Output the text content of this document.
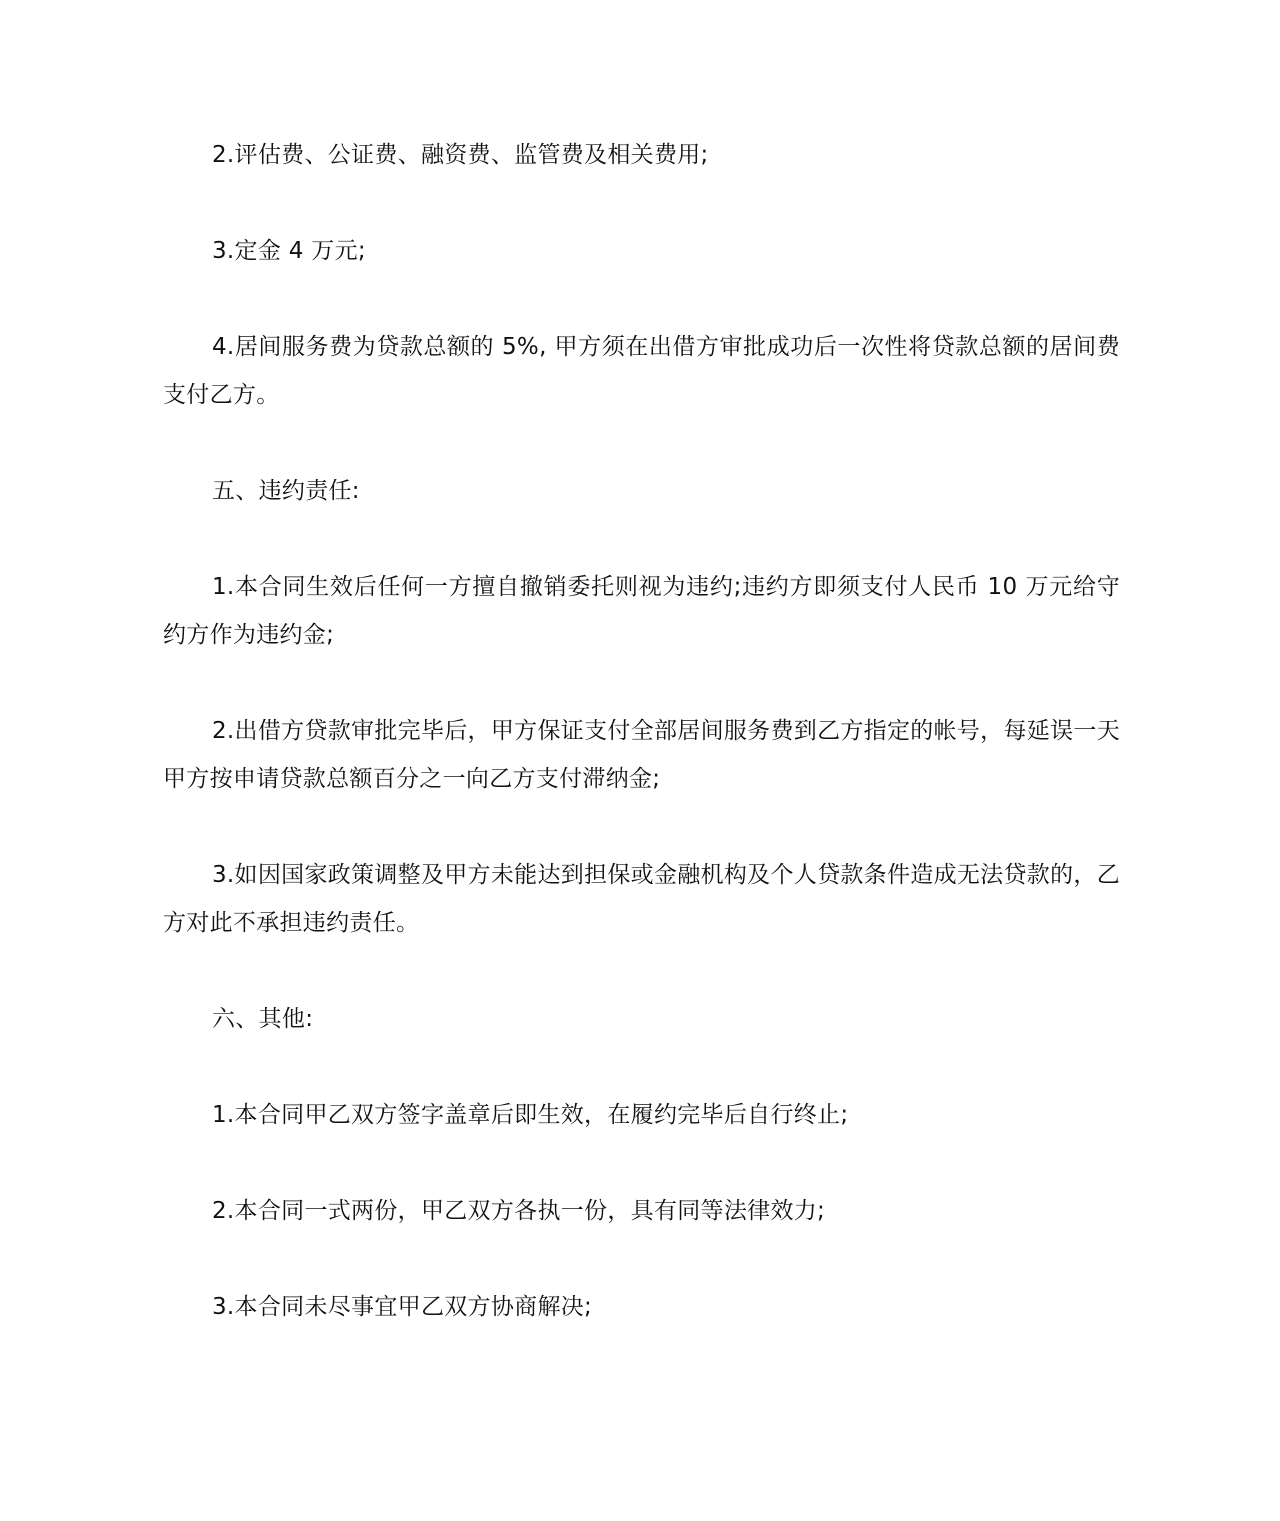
2.评估费、公证费、融资费、监管费及相关费用;

3.定金 4 万元;

4.居间服务费为贷款总额的 5%, 甲方须在出借方审批成功后一次性将贷款总额的居间费支付乙方。

五、违约责任:

1.本合同生效后任何一方擅自撤销委托则视为违约;违约方即须支付人民币 10 万元给守约方作为违约金;

2.出借方贷款审批完毕后，甲方保证支付全部居间服务费到乙方指定的帐号，每延误一天甲方按申请贷款总额百分之一向乙方支付滞纳金;

3.如因国家政策调整及甲方未能达到担保或金融机构及个人贷款条件造成无法贷款的，乙方对此不承担违约责任。

六、其他:

1.本合同甲乙双方签字盖章后即生效，在履约完毕后自行终止;

2.本合同一式两份，甲乙双方各执一份，具有同等法律效力;

3.本合同未尽事宜甲乙双方协商解决;
